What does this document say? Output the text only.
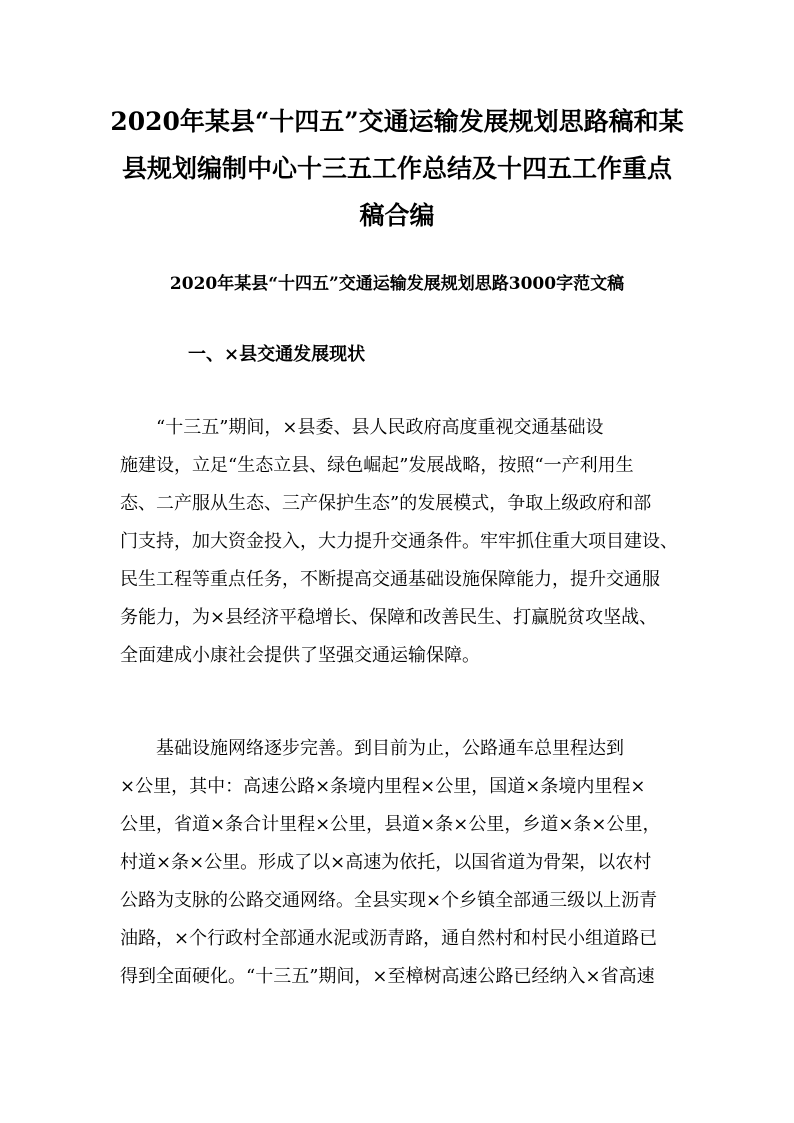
2020年某县“十四五”交通运输发展规划思路稿和某
县规划编制中心十三五工作总结及十四五工作重点
稿合编
2020年某县“十四五”交通运输发展规划思路3000字范文稿
一、×县交通发展现状

　　“十三五”期间，×县委、县人民政府高度重视交通基础设
施建设，立足“生态立县、绿色崛起”发展战略，按照“一产利用生
态、二产服从生态、三产保护生态”的发展模式，争取上级政府和部
门支持，加大资金投入，大力提升交通条件。牢牢抓住重大项目建设、
民生工程等重点任务，不断提高交通基础设施保障能力，提升交通服
务能力，为×县经济平稳增长、保障和改善民生、打赢脱贫攻坚战、
全面建成小康社会提供了坚强交通运输保障。

　　基础设施网络逐步完善。到目前为止，公路通车总里程达到
×公里，其中：高速公路×条境内里程×公里，国道×条境内里程×
公里，省道×条合计里程×公里，县道×条×公里，乡道×条×公里，
村道×条×公里。形成了以×高速为依托，以国省道为骨架，以农村
公路为支脉的公路交通网络。全县实现×个乡镇全部通三级以上沥青
油路，×个行政村全部通水泥或沥青路，通自然村和村民小组道路已
得到全面硬化。“十三五”期间，×至樟树高速公路已经纳入×省高速
